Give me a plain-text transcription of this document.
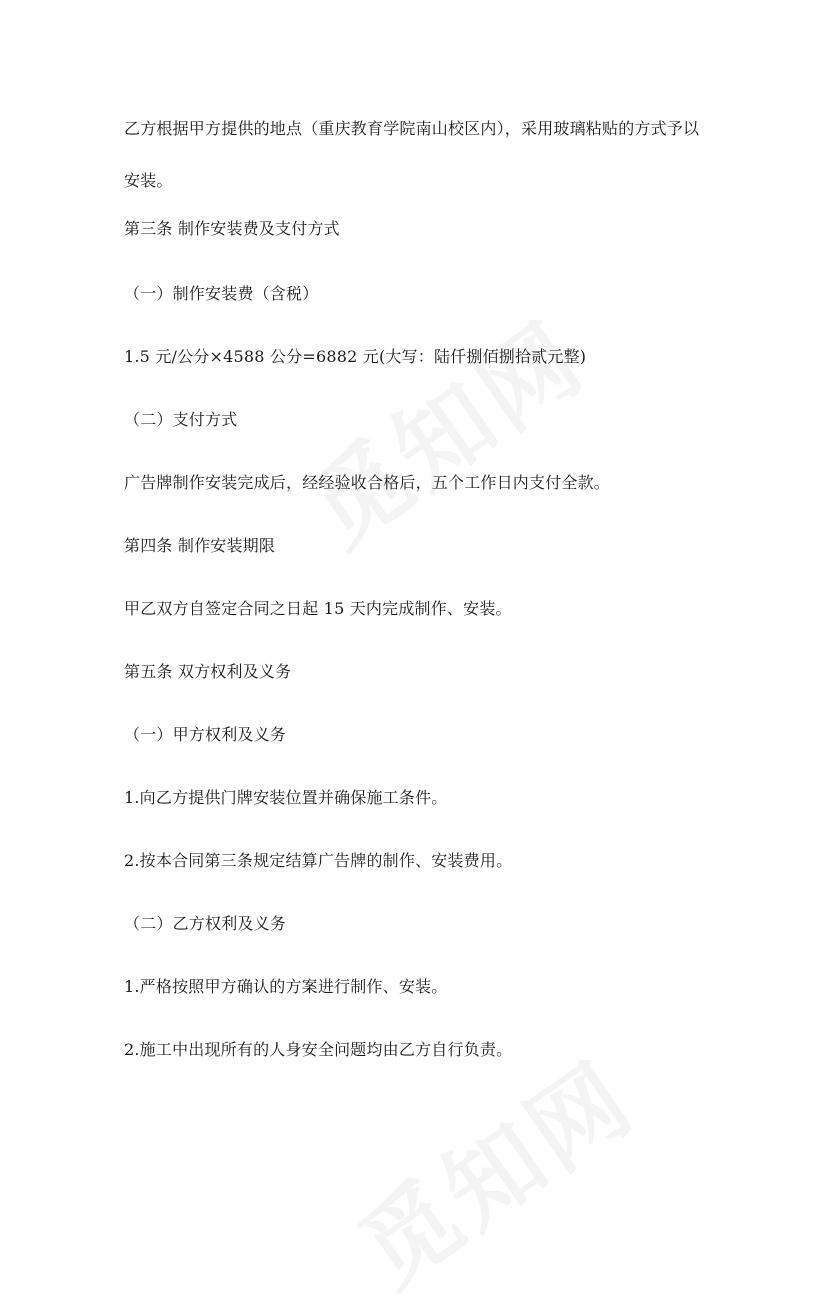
乙方根据甲方提供的地点（重庆教育学院南山校区内），采用玻璃粘贴的方式予以安装。
第三条 制作安装费及支付方式
（一）制作安装费（含税）
1.5 元/公分×4588 公分=6882 元(大写：陆仟捌佰捌拾贰元整)
（二）支付方式
广告牌制作安装完成后，经经验收合格后，五个工作日内支付全款。
第四条 制作安装期限
甲乙双方自签定合同之日起 15 天内完成制作、安装。
第五条 双方权利及义务
（一）甲方权利及义务
1.向乙方提供门牌安装位置并确保施工条件。
2.按本合同第三条规定结算广告牌的制作、安装费用。
（二）乙方权利及义务
1.严格按照甲方确认的方案进行制作、安装。
2.施工中出现所有的人身安全问题均由乙方自行负责。
